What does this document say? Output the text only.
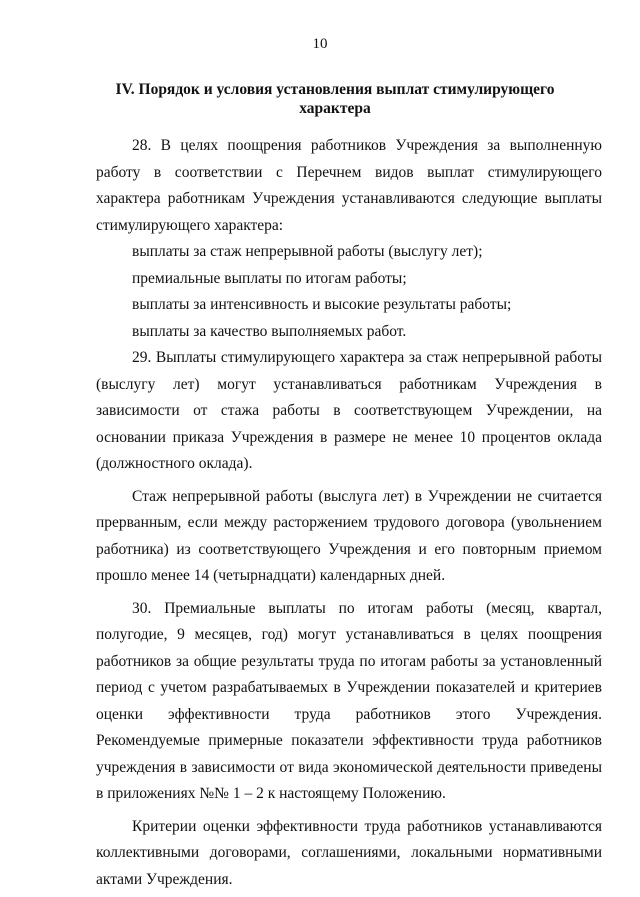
10
IV. Порядок и условия установления выплат стимулирующего
характера

28. В целях поощрения работников Учреждения за выполненную работу в соответствии с Перечнем видов выплат стимулирующего характера работникам Учреждения устанавливаются следующие выплаты стимулирующего характера:

выплаты за стаж непрерывной работы (выслугу лет);

премиальные выплаты по итогам работы;

выплаты за интенсивность и высокие результаты работы;

выплаты за качество выполняемых работ.

29. Выплаты стимулирующего характера за стаж непрерывной работы (выслугу лет) могут устанавливаться работникам Учреждения в зависимости от стажа работы в соответствующем Учреждении, на основании приказа Учреждения в размере не менее 10 процентов оклада (должностного оклада).

Стаж непрерывной работы (выслуга лет) в Учреждении не считается прерванным, если между расторжением трудового договора (увольнением работника) из соответствующего Учреждения и его повторным приемом прошло менее 14 (четырнадцати) календарных дней.

30. Премиальные выплаты по итогам работы (месяц, квартал, полугодие, 9 месяцев, год) могут устанавливаться в целях поощрения работников за общие результаты труда по итогам работы за установленный период с учетом разрабатываемых в Учреждении показателей и критериев оценки эффективности труда работников этого Учреждения. Рекомендуемые примерные показатели эффективности труда работников учреждения в зависимости от вида экономической деятельности приведены в приложениях №№ 1 – 2 к настоящему Положению.

Критерии оценки эффективности труда работников устанавливаются коллективными договорами, соглашениями, локальными нормативными актами Учреждения.
